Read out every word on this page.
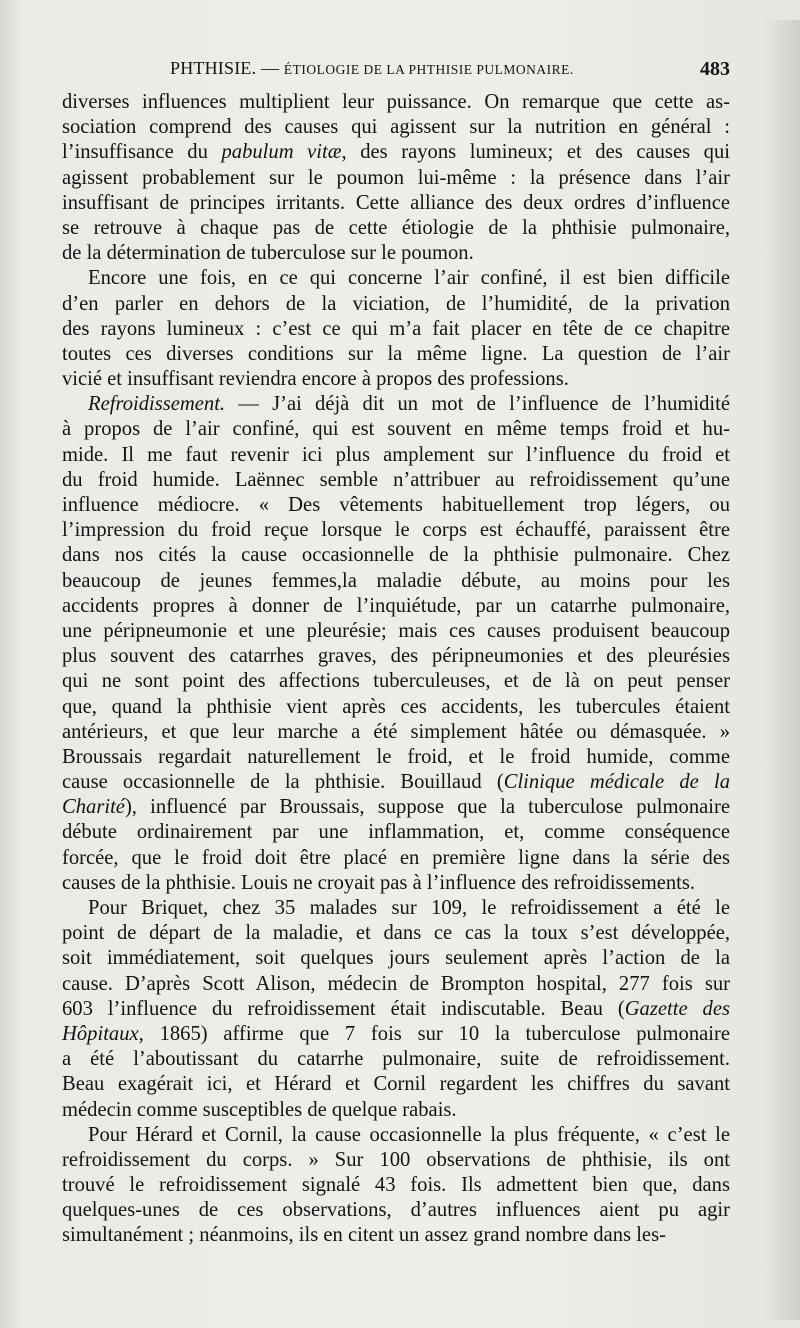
PHTHISIE. — ÉTIOLOGIE DE LA PHTHISIE PULMONAIRE.	483
diverses influences multiplient leur puissance. On remarque que cette as-
sociation comprend des causes qui agissent sur la nutrition en général :
l’insuffisance du pabulum vitæ, des rayons lumineux; et des causes qui
agissent probablement sur le poumon lui-même : la présence dans l’air
insuffisant de principes irritants. Cette alliance des deux ordres d’influence
se retrouve à chaque pas de cette étiologie de la phthisie pulmonaire,
de la détermination de tuberculose sur le poumon.
Encore une fois, en ce qui concerne l’air confiné, il est bien difficile
d’en parler en dehors de la viciation, de l’humidité, de la privation
des rayons lumineux : c’est ce qui m’a fait placer en tête de ce chapitre
toutes ces diverses conditions sur la même ligne. La question de l’air
vicié et insuffisant reviendra encore à propos des professions.
Refroidissement. — J’ai déjà dit un mot de l’influence de l’humidité
à propos de l’air confiné, qui est souvent en même temps froid et hu-
mide. Il me faut revenir ici plus amplement sur l’influence du froid et
du froid humide. Laënnec semble n’attribuer au refroidissement qu’une
influence médiocre. « Des vêtements habituellement trop légers, ou
l’impression du froid reçue lorsque le corps est échauffé, paraissent être
dans nos cités la cause occasionnelle de la phthisie pulmonaire. Chez
beaucoup de jeunes femmes,la maladie débute, au moins pour les
accidents propres à donner de l’inquiétude, par un catarrhe pulmonaire,
une péripneumonie et une pleurésie; mais ces causes produisent beaucoup
plus souvent des catarrhes graves, des péripneumonies et des pleurésies
qui ne sont point des affections tuberculeuses, et de là on peut penser
que, quand la phthisie vient après ces accidents, les tubercules étaient
antérieurs, et que leur marche a été simplement hâtée ou démasquée. »
Broussais regardait naturellement le froid, et le froid humide, comme
cause occasionnelle de la phthisie. Bouillaud (Clinique médicale de la
Charité), influencé par Broussais, suppose que la tuberculose pulmonaire
débute ordinairement par une inflammation, et, comme conséquence
forcée, que le froid doit être placé en première ligne dans la série des
causes de la phthisie. Louis ne croyait pas à l’influence des refroidissements.
Pour Briquet, chez 35 malades sur 109, le refroidissement a été le
point de départ de la maladie, et dans ce cas la toux s’est développée,
soit immédiatement, soit quelques jours seulement après l’action de la
cause. D’après Scott Alison, médecin de Brompton hospital, 277 fois sur
603 l’influence du refroidissement était indiscutable. Beau (Gazette des
Hôpitaux, 1865) affirme que 7 fois sur 10 la tuberculose pulmonaire
a été l’aboutissant du catarrhe pulmonaire, suite de refroidissement.
Beau exagérait ici, et Hérard et Cornil regardent les chiffres du savant
médecin comme susceptibles de quelque rabais.
Pour Hérard et Cornil, la cause occasionnelle la plus fréquente, « c’est le
refroidissement du corps. » Sur 100 observations de phthisie, ils ont
trouvé le refroidissement signalé 43 fois. Ils admettent bien que, dans
quelques-unes de ces observations, d’autres influences aient pu agir
simultanément ; néanmoins, ils en citent un assez grand nombre dans les-
